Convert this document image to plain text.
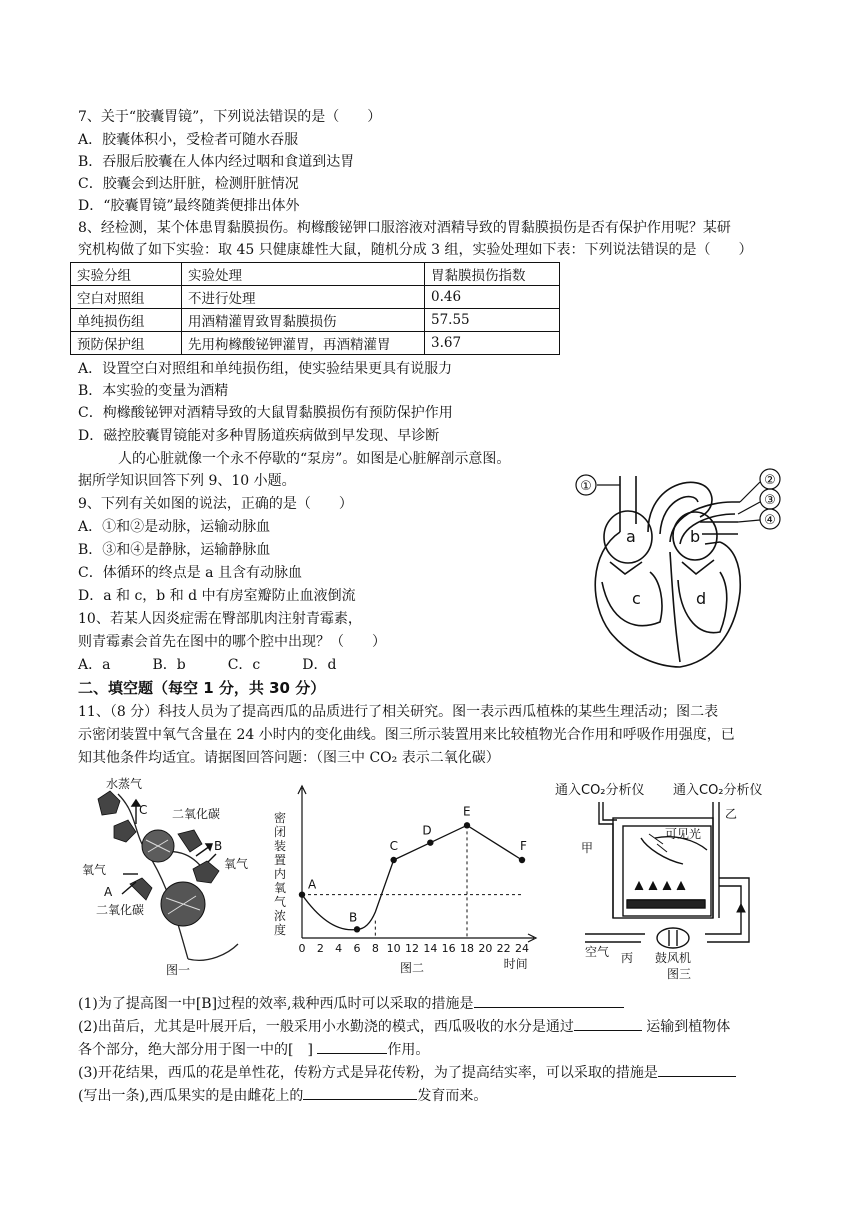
7、关于“胶囊胃镜”，下列说法错误的是（　　）
A．胶囊体积小，受检者可随水吞服
B．吞服后胶囊在人体内经过咽和食道到达胃
C．胶囊会到达肝脏，检测肝脏情况
D．“胶囊胃镜”最终随粪便排出体外
8、经检测，某个体患胃黏膜损伤。枸橼酸铋钾口服溶液对酒精导致的胃黏膜损伤是否有保护作用呢？某研
究机构做了如下实验：取 45 只健康雄性大鼠，随机分成 3 组，实验处理如下表：下列说法错误的是（　　）
实验分组	实验处理	胃黏膜损伤指数
空白对照组	不进行处理	0.46
单纯损伤组	用酒精灌胃致胃黏膜损伤	57.55
预防保护组	先用枸橼酸铋钾灌胃，再酒精灌胃	3.67
A．设置空白对照组和单纯损伤组，使实验结果更具有说服力
B．本实验的变量为酒精
C．枸橼酸铋钾对酒精导致的大鼠胃黏膜损伤有预防保护作用
D．磁控胶囊胃镜能对多种胃肠道疾病做到早发现、早诊断
人的心脏就像一个永不停歇的“泵房”。如图是心脏解剖示意图。
据所学知识回答下列 9、10 小题。
9、下列有关如图的说法，正确的是（　　）
A．①和②是动脉，运输动脉血
B．③和④是静脉，运输静脉血
C．体循环的终点是 a 且含有动脉血
D．a 和 c，b 和 d 中有房室瓣防止血液倒流
10、若某人因炎症需在臀部肌肉注射青霉素，
则青霉素会首先在图中的哪个腔中出现？（　　）
A．a　　　B．b　　　C．c　　　D．d
①	②
③
④
a	b
c	d
二、填空题（每空 1 分，共 30 分）
11、（8 分）科技人员为了提高西瓜的品质进行了相关研究。图一表示西瓜植株的某些生理活动；图二表
示密闭装置中氧气含量在 24 小时内的变化曲线。图三所示装置用来比较植物光合作用和呼吸作用强度，已
知其他条件均适宜。请据图回答问题：（图三中 CO₂ 表示二氧化碳）
水蒸气
C 二氧化碳
B
氧气
氧气
A
二氧化碳
图一
密
闭
装
置
内
氧
气
浓
度
0 2 4 6 8 10 12 14 16 18 20 22 24
A
B
C
D
E
F
时间
图二
通入CO₂分析仪 通入CO₂分析仪
可见光
甲
乙
空气 丙 鼓风机
图三
(1)为了提高图一中[B]过程的效率,栽种西瓜时可以采取的措施是
(2)出苗后，尤其是叶展开后，一般采用小水勤浇的模式，西瓜吸收的水分是通过	运输到植物体
各个部分，绝大部分用于图一中的[　]	作用。
(3)开花结果，西瓜的花是单性花，传粉方式是异花传粉，为了提高结实率，可以采取的措施是
(写出一条),西瓜果实的是由雌花上的	发育而来。
